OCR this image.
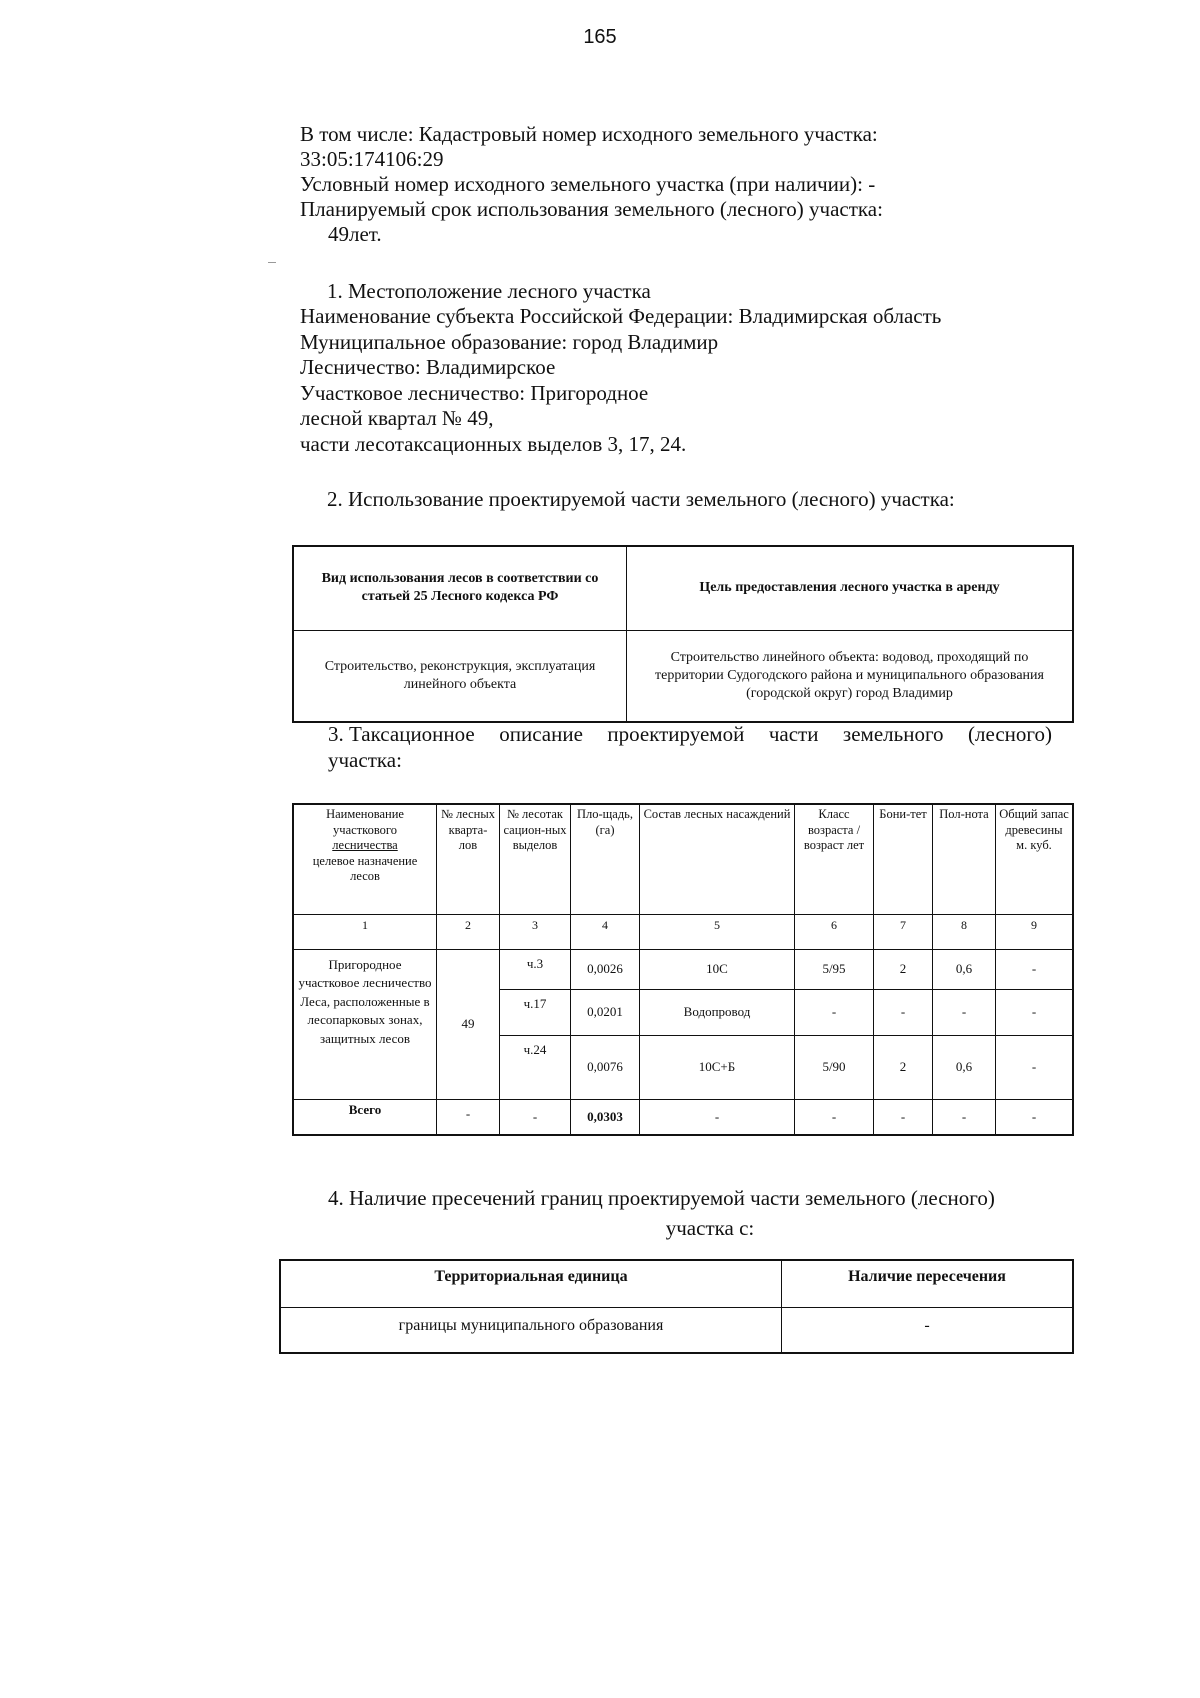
165
В том числе: Кадастровый номер исходного земельного участка:
33:05:174106:29
Условный номер исходного земельного участка (при наличии): -
Планируемый срок использования земельного (лесного) участка:
49лет.
1. Местоположение лесного участка
Наименование субъекта Российской Федерации: Владимирская область
Муниципальное образование: город Владимир
Лесничество: Владимирское
Участковое лесничество: Пригородное
лесной квартал № 49,
части лесотаксационных выделов 3, 17, 24.
2. Использование проектируемой части земельного (лесного) участка:
Вид использования лесов в соответствии со статьей 25 Лесного кодекса РФ	Цель предоставления лесного участка в аренду
Строительство, реконструкция, эксплуатация линейного объекта	Строительство линейного объекта: водовод, проходящий по территории Судогодского района и муниципального образования (городской округ) город Владимир
3. Таксационное описание проектируемой части земельного (лесного)
участка:
Наименование участкового
лесничества
целевое назначение лесов	№ лесных кварта-лов	№ лесотак сацион-ных выделов	Пло-щадь, (га)	Состав лесных насаждений	Класс возраста /возраст лет	Бони-тет	Пол-нота	Общий запас древесины м. куб.
1	2	3	4	5	6	7	8	9
Пригородное участковое лесничество Леса, расположенные в лесопарковых зонах, защитных лесов	49	ч.3	0,0026	10С	5/95	2	0,6	-
		ч.17	0,0201	Водопровод	-	-	-	-
		ч.24	0,0076	10С+Б	5/90	2	0,6	-
Всего	-	-	0,0303	-	-	-	-	-
4. Наличие пресечений границ проектируемой части земельного (лесного)
участка с:
Территориальная единица	Наличие пересечения
границы муниципального образования	-
